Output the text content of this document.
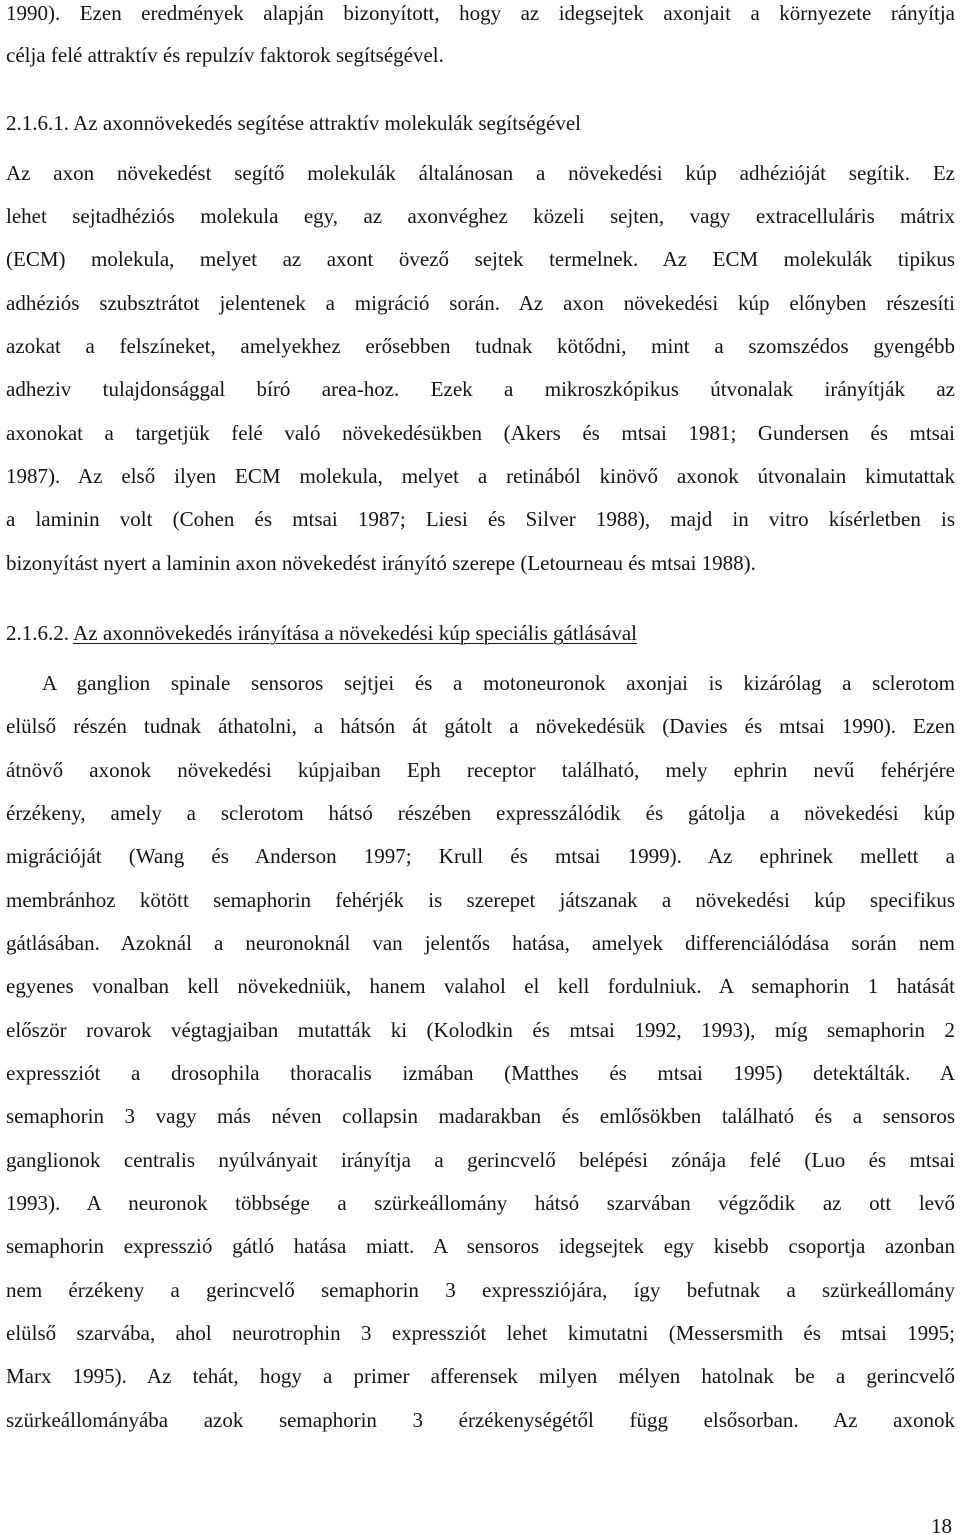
1990). Ezen eredmények alapján bizonyított, hogy az idegsejtek axonjait a környezete rányítja
célja felé attraktív és repulzív faktorok segítségével.
2.1.6.1. Az axonnövekedés segítése attraktív molekulák segítségével
Az axon növekedést segítő molekulák általánosan a növekedési kúp adhézióját segítik. Ez
lehet sejtadhéziós molekula egy, az axonvéghez közeli sejten, vagy extracelluláris mátrix
(ECM) molekula, melyet az axont övező sejtek termelnek. Az ECM molekulák tipikus
adhéziós szubsztrátot jelentenek a migráció során. Az axon növekedési kúp előnyben részesíti
azokat a felszíneket, amelyekhez erősebben tudnak kötődni, mint a szomszédos gyengébb
adheziv tulajdonsággal bíró area-hoz. Ezek a mikroszkópikus útvonalak irányítják az
axonokat a targetjük felé való növekedésükben (Akers és mtsai 1981; Gundersen és mtsai
1987). Az első ilyen ECM molekula, melyet a retinából kinövő axonok útvonalain kimutattak
a laminin volt (Cohen és mtsai 1987; Liesi és Silver 1988), majd in vitro kísérletben is
bizonyítást nyert a laminin axon növekedést irányító szerepe (Letourneau és mtsai 1988).
2.1.6.2. Az axonnövekedés irányítása a növekedési kúp speciális gátlásával
A ganglion spinale sensoros sejtjei és a motoneuronok axonjai is kizárólag a sclerotom
elülső részén tudnak áthatolni, a hátsón át gátolt a növekedésük (Davies és mtsai 1990). Ezen
átnövő axonok növekedési kúpjaiban Eph receptor található, mely ephrin nevű fehérjére
érzékeny, amely a sclerotom hátsó részében expresszálódik és gátolja a növekedési kúp
migrációját (Wang és Anderson 1997; Krull és mtsai 1999). Az ephrinek mellett a
membránhoz kötött semaphorin fehérjék is szerepet játszanak a növekedési kúp specifikus
gátlásában. Azoknál a neuronoknál van jelentős hatása, amelyek differenciálódása során nem
egyenes vonalban kell növekedniük, hanem valahol el kell fordulniuk. A semaphorin 1 hatását
először rovarok végtagjaiban mutatták ki (Kolodkin és mtsai 1992, 1993), míg semaphorin 2
expressziót a drosophila thoracalis izmában (Matthes és mtsai 1995) detektálták. A
semaphorin 3 vagy más néven collapsin madarakban és emlősökben található és a sensoros
ganglionok centralis nyúlványait irányítja a gerincvelő belépési zónája felé (Luo és mtsai
1993). A neuronok többsége a szürkeállomány hátsó szarvában végződik az ott levő
semaphorin expresszió gátló hatása miatt. A sensoros idegsejtek egy kisebb csoportja azonban
nem érzékeny a gerincvelő semaphorin 3 expressziójára, így befutnak a szürkeállomány
elülső szarvába, ahol neurotrophin 3 expressziót lehet kimutatni (Messersmith és mtsai 1995;
Marx 1995). Az tehát, hogy a primer afferensek milyen mélyen hatolnak be a gerincvelő
szürkeállományába azok semaphorin 3 érzékenységétől függ elsősorban. Az axonok
18
